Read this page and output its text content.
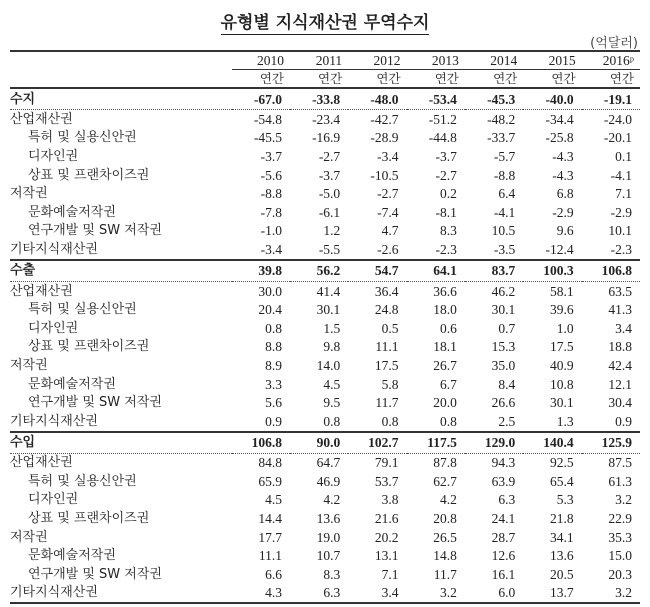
유형별 지식재산권 무역수지
(억달러)
	2010	2011	2012	2013	2014	2015	2016ᵖ
	연간	연간	연간	연간	연간	연간	연간
수지	-67.0	-33.8	-48.0	-53.4	-45.3	-40.0	-19.1
산업재산권	-54.8	-23.4	-42.7	-51.2	-48.2	-34.4	-24.0
특허 및 실용신안권	-45.5	-16.9	-28.9	-44.8	-33.7	-25.8	-20.1
디자인권	-3.7	-2.7	-3.4	-3.7	-5.7	-4.3	0.1
상표 및 프랜차이즈권	-5.6	-3.7	-10.5	-2.7	-8.8	-4.3	-4.1
저작권	-8.8	-5.0	-2.7	0.2	6.4	6.8	7.1
문화예술저작권	-7.8	-6.1	-7.4	-8.1	-4.1	-2.9	-2.9
연구개발 및 SW 저작권	-1.0	1.2	4.7	8.3	10.5	9.6	10.1
기타지식재산권	-3.4	-5.5	-2.6	-2.3	-3.5	-12.4	-2.3
수출	39.8	56.2	54.7	64.1	83.7	100.3	106.8
산업재산권	30.0	41.4	36.4	36.6	46.2	58.1	63.5
특허 및 실용신안권	20.4	30.1	24.8	18.0	30.1	39.6	41.3
디자인권	0.8	1.5	0.5	0.6	0.7	1.0	3.4
상표 및 프랜차이즈권	8.8	9.8	11.1	18.1	15.3	17.5	18.8
저작권	8.9	14.0	17.5	26.7	35.0	40.9	42.4
문화예술저작권	3.3	4.5	5.8	6.7	8.4	10.8	12.1
연구개발 및 SW 저작권	5.6	9.5	11.7	20.0	26.6	30.1	30.4
기타지식재산권	0.9	0.8	0.8	0.8	2.5	1.3	0.9
수입	106.8	90.0	102.7	117.5	129.0	140.4	125.9
산업재산권	84.8	64.7	79.1	87.8	94.3	92.5	87.5
특허 및 실용신안권	65.9	46.9	53.7	62.7	63.9	65.4	61.3
디자인권	4.5	4.2	3.8	4.2	6.3	5.3	3.2
상표 및 프랜차이즈권	14.4	13.6	21.6	20.8	24.1	21.8	22.9
저작권	17.7	19.0	20.2	26.5	28.7	34.1	35.3
문화예술저작권	11.1	10.7	13.1	14.8	12.6	13.6	15.0
연구개발 및 SW 저작권	6.6	8.3	7.1	11.7	16.1	20.5	20.3
기타지식재산권	4.3	6.3	3.4	3.2	6.0	13.7	3.2
